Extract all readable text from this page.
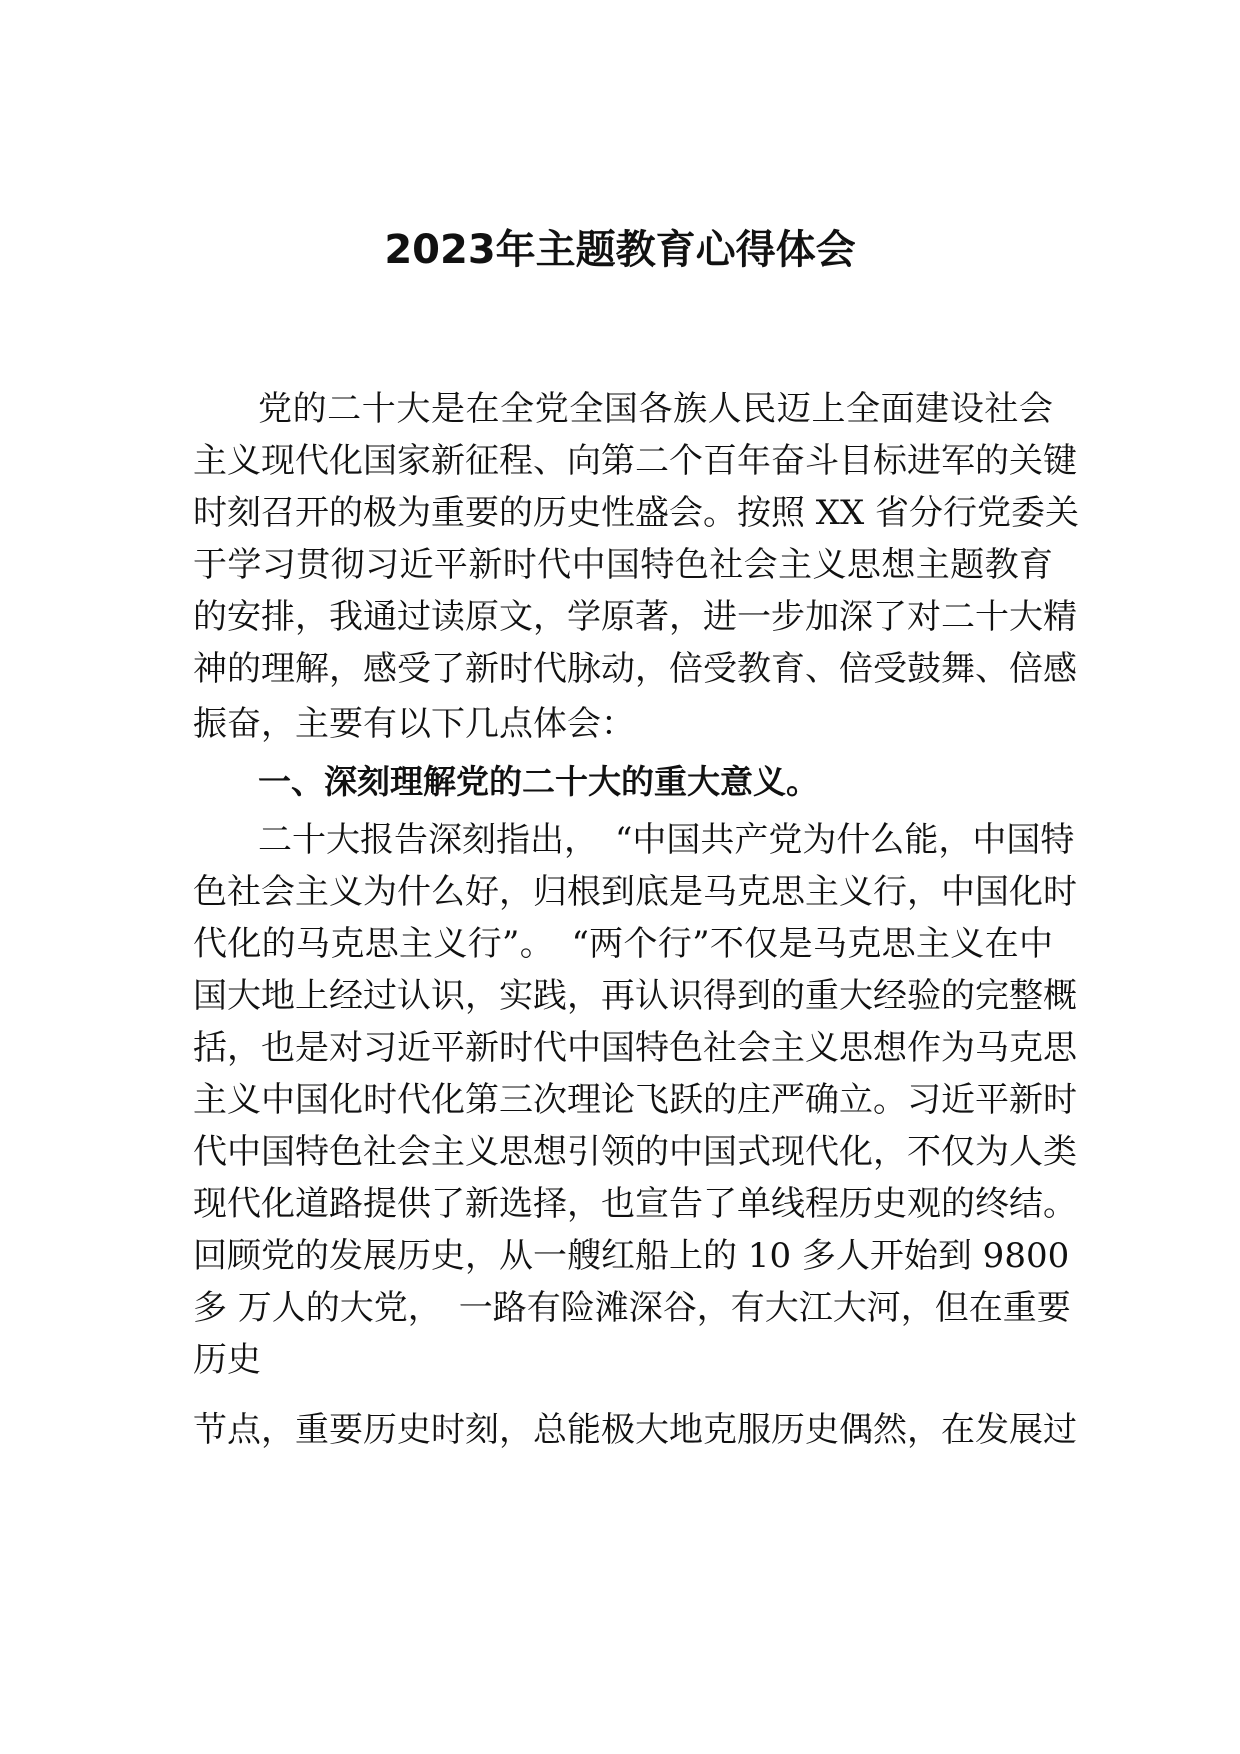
2023年主题教育心得体会

党的二十大是在全党全国各族人民迈上全面建设社会

主义现代化国家新征程、向第二个百年奋斗目标进军的关键

时刻召开的极为重要的历史性盛会。按照 XX 省分行党委关

于学习贯彻习近平新时代中国特色社会主义思想主题教育

的安排，我通过读原文，学原著，进一步加深了对二十大精

神的理解，感受了新时代脉动，倍受教育、倍受鼓舞、倍感

振奋，主要有以下几点体会：

一、深刻理解党的二十大的重大意义。

二十大报告深刻指出，　“中国共产党为什么能，中国特

色社会主义为什么好，归根到底是马克思主义行，中国化时

代化的马克思主义行”。　“两个行”不仅是马克思主义在中

国大地上经过认识，实践，再认识得到的重大经验的完整概

括，也是对习近平新时代中国特色社会主义思想作为马克思

主义中国化时代化第三次理论飞跃的庄严确立。习近平新时

代中国特色社会主义思想引领的中国式现代化，不仅为人类

现代化道路提供了新选择，也宣告了单线程历史观的终结。

回顾党的发展历史，从一艘红船上的 10 多人开始到 9800

多 万人的大党，　一路有险滩深谷，有大江大河，但在重要

历史

节点，重要历史时刻，总能极大地克服历史偶然，在发展过
